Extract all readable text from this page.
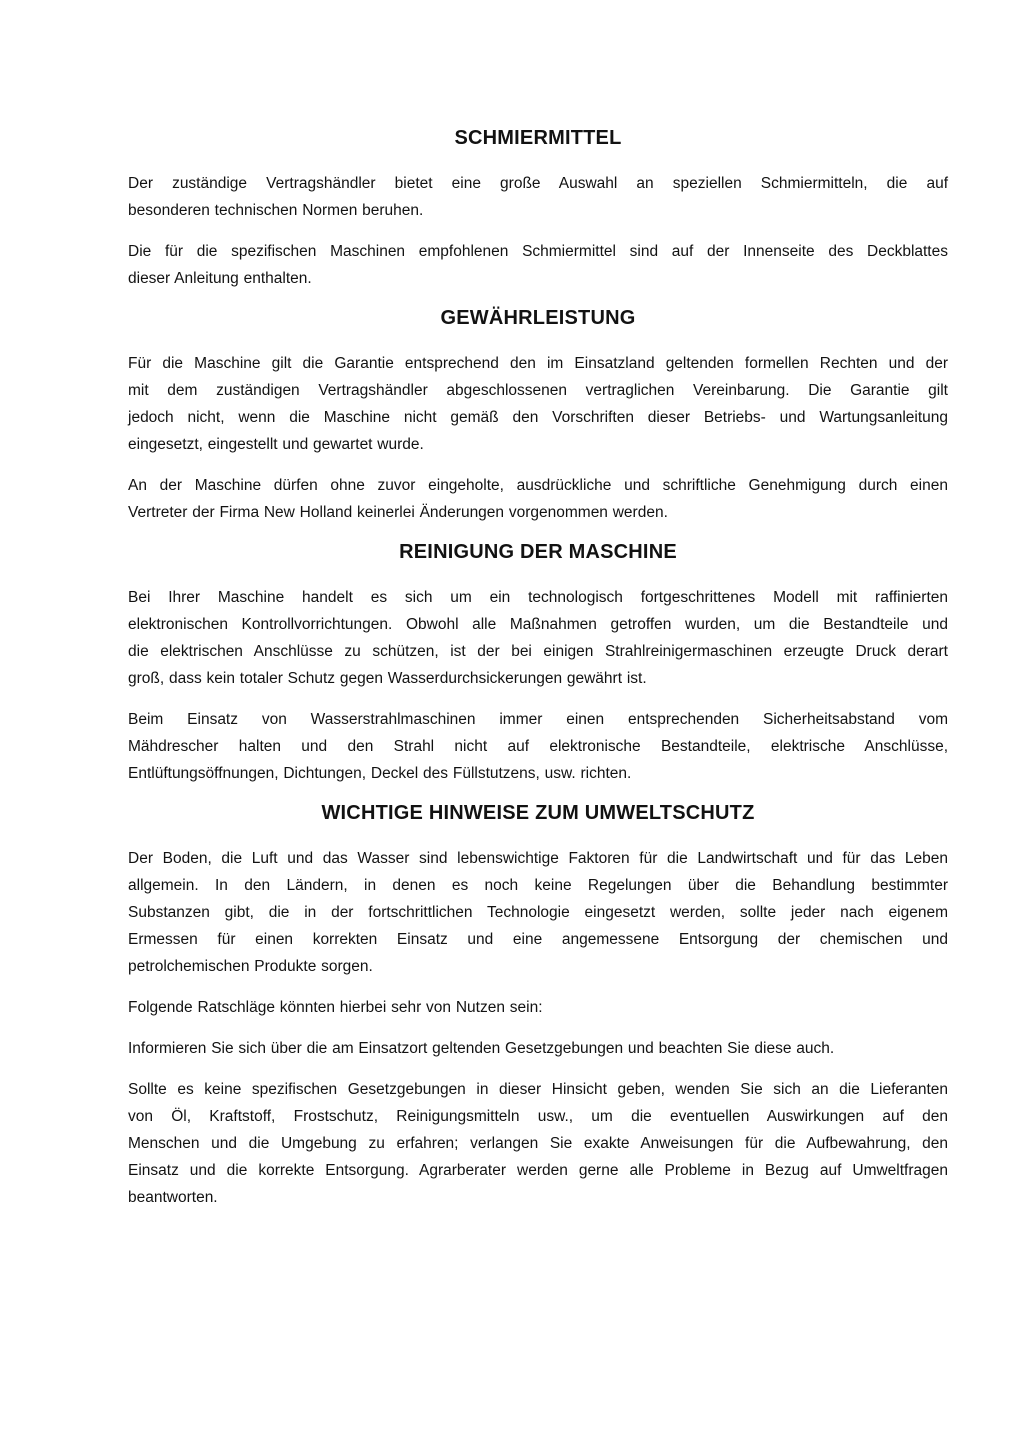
SCHMIERMITTEL
Der zuständige Vertragshändler bietet eine große Auswahl an speziellen Schmiermitteln, die auf
besonderen technischen Normen beruhen.
Die für die spezifischen Maschinen empfohlenen Schmiermittel sind auf der Innenseite des Deckblattes
dieser Anleitung enthalten.
GEWÄHRLEISTUNG
Für die Maschine gilt die Garantie entsprechend den im Einsatzland geltenden formellen Rechten und der
mit dem zuständigen Vertragshändler abgeschlossenen vertraglichen Vereinbarung. Die Garantie gilt
jedoch nicht, wenn die Maschine nicht gemäß den Vorschriften dieser Betriebs- und Wartungsanleitung
eingesetzt, eingestellt und gewartet wurde.
An der Maschine dürfen ohne zuvor eingeholte, ausdrückliche und schriftliche Genehmigung durch einen
Vertreter der Firma New Holland keinerlei Änderungen vorgenommen werden.
REINIGUNG DER MASCHINE
Bei Ihrer Maschine handelt es sich um ein technologisch fortgeschrittenes Modell mit raffinierten
elektronischen Kontrollvorrichtungen. Obwohl alle Maßnahmen getroffen wurden, um die Bestandteile und
die elektrischen Anschlüsse zu schützen, ist der bei einigen Strahlreinigermaschinen erzeugte Druck derart
groß, dass kein totaler Schutz gegen Wasserdurchsickerungen gewährt ist.
Beim Einsatz von Wasserstrahlmaschinen immer einen entsprechenden Sicherheitsabstand vom
Mähdrescher halten und den Strahl nicht auf elektronische Bestandteile, elektrische Anschlüsse,
Entlüftungsöffnungen, Dichtungen, Deckel des Füllstutzens, usw. richten.
WICHTIGE HINWEISE ZUM UMWELTSCHUTZ
Der Boden, die Luft und das Wasser sind lebenswichtige Faktoren für die Landwirtschaft und für das Leben
allgemein. In den Ländern, in denen es noch keine Regelungen über die Behandlung bestimmter
Substanzen gibt, die in der fortschrittlichen Technologie eingesetzt werden, sollte jeder nach eigenem
Ermessen für einen korrekten Einsatz und eine angemessene Entsorgung der chemischen und
petrolchemischen Produkte sorgen.
Folgende Ratschläge könnten hierbei sehr von Nutzen sein:
Informieren Sie sich über die am Einsatzort geltenden Gesetzgebungen und beachten Sie diese auch.
Sollte es keine spezifischen Gesetzgebungen in dieser Hinsicht geben, wenden Sie sich an die Lieferanten
von Öl, Kraftstoff, Frostschutz, Reinigungsmitteln usw., um die eventuellen Auswirkungen auf den
Menschen und die Umgebung zu erfahren; verlangen Sie exakte Anweisungen für die Aufbewahrung, den
Einsatz und die korrekte Entsorgung. Agrarberater werden gerne alle Probleme in Bezug auf Umweltfragen
beantworten.
